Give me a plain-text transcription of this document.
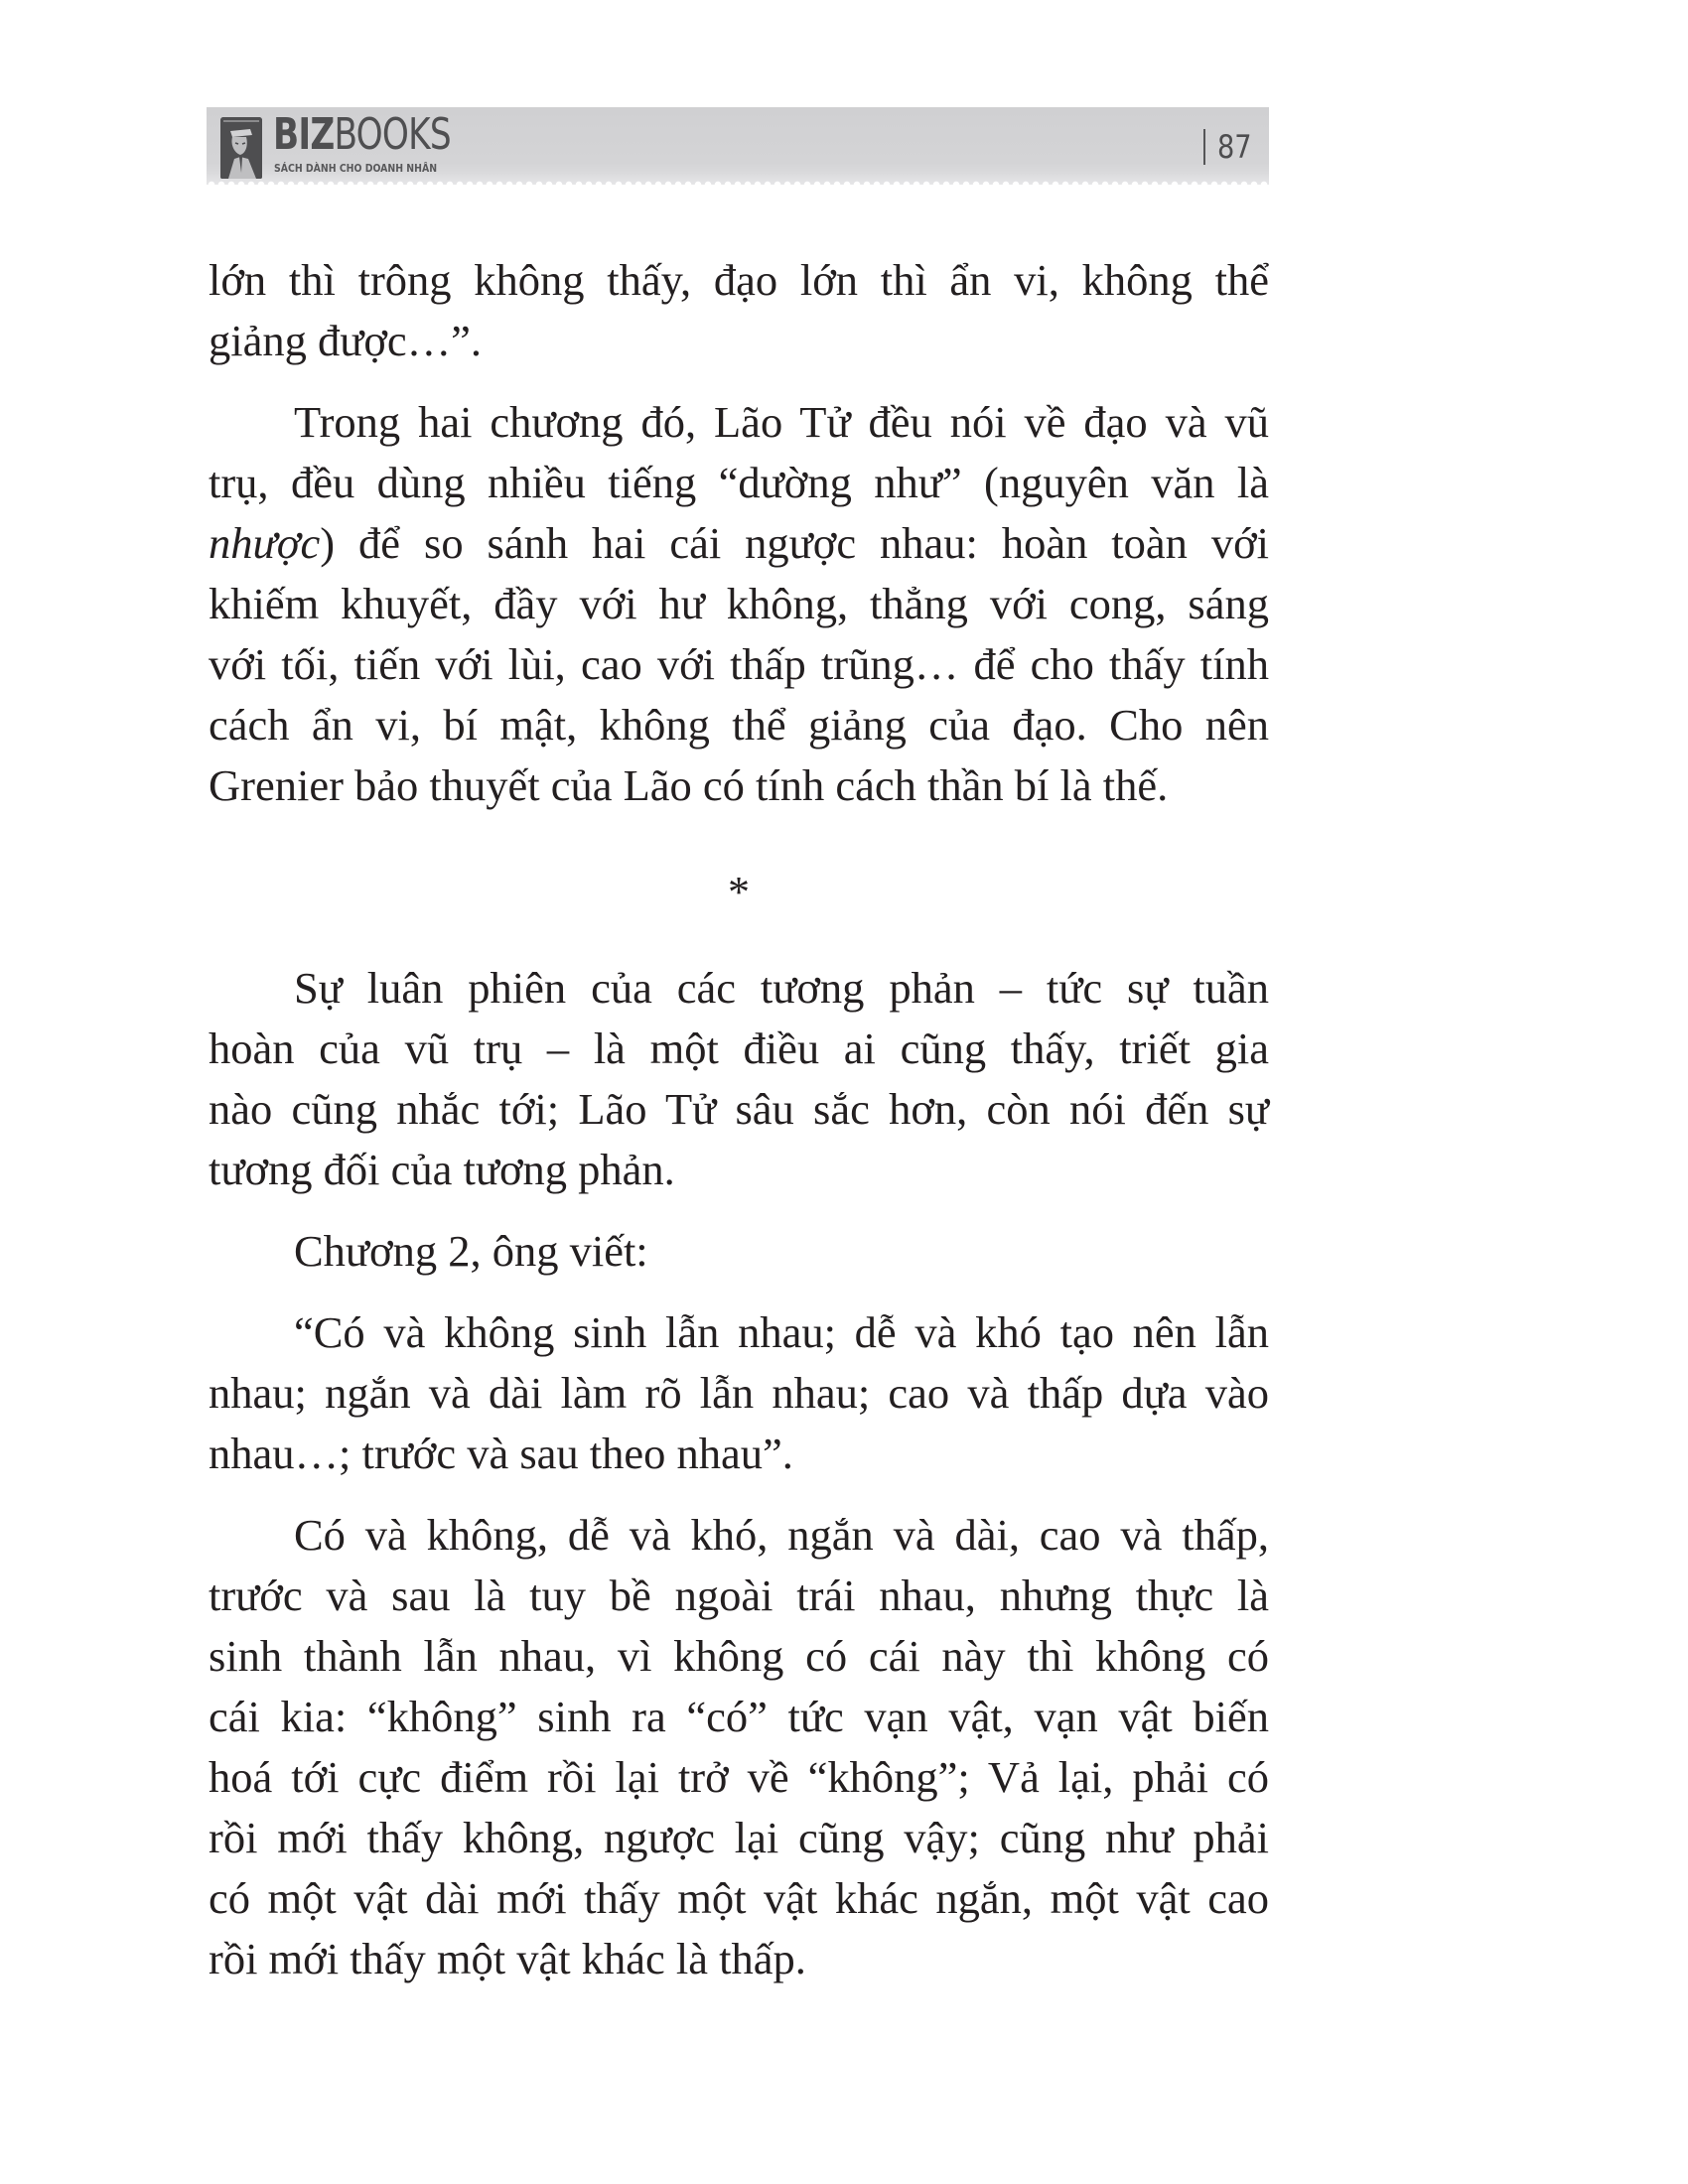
BIZBOOKS
SÁCH DÀNH CHO DOANH NHÂN
87
lớn thì trông không thấy, đạo lớn thì ẩn vi, không thể
giảng được…”.
Trong hai chương đó, Lão Tử đều nói về đạo và vũ
trụ, đều dùng nhiều tiếng “dường như” (nguyên văn là
nhược) để so sánh hai cái ngược nhau: hoàn toàn với
khiếm khuyết, đầy với hư không, thẳng với cong, sáng
với tối, tiến với lùi, cao với thấp trũng… để cho thấy tính
cách ẩn vi, bí mật, không thể giảng của đạo. Cho nên
Grenier bảo thuyết của Lão có tính cách thần bí là thế.
*
Sự luân phiên của các tương phản – tức sự tuần
hoàn của vũ trụ – là một điều ai cũng thấy, triết gia
nào cũng nhắc tới; Lão Tử sâu sắc hơn, còn nói đến sự
tương đối của tương phản.
Chương 2, ông viết:
“Có và không sinh lẫn nhau; dễ và khó tạo nên lẫn
nhau; ngắn và dài làm rõ lẫn nhau; cao và thấp dựa vào
nhau…; trước và sau theo nhau”.
Có và không, dễ và khó, ngắn và dài, cao và thấp,
trước và sau là tuy bề ngoài trái nhau, nhưng thực là
sinh thành lẫn nhau, vì không có cái này thì không có
cái kia: “không” sinh ra “có” tức vạn vật, vạn vật biến
hoá tới cực điểm rồi lại trở về “không”; Vả lại, phải có
rồi mới thấy không, ngược lại cũng vậy; cũng như phải
có một vật dài mới thấy một vật khác ngắn, một vật cao
rồi mới thấy một vật khác là thấp.
